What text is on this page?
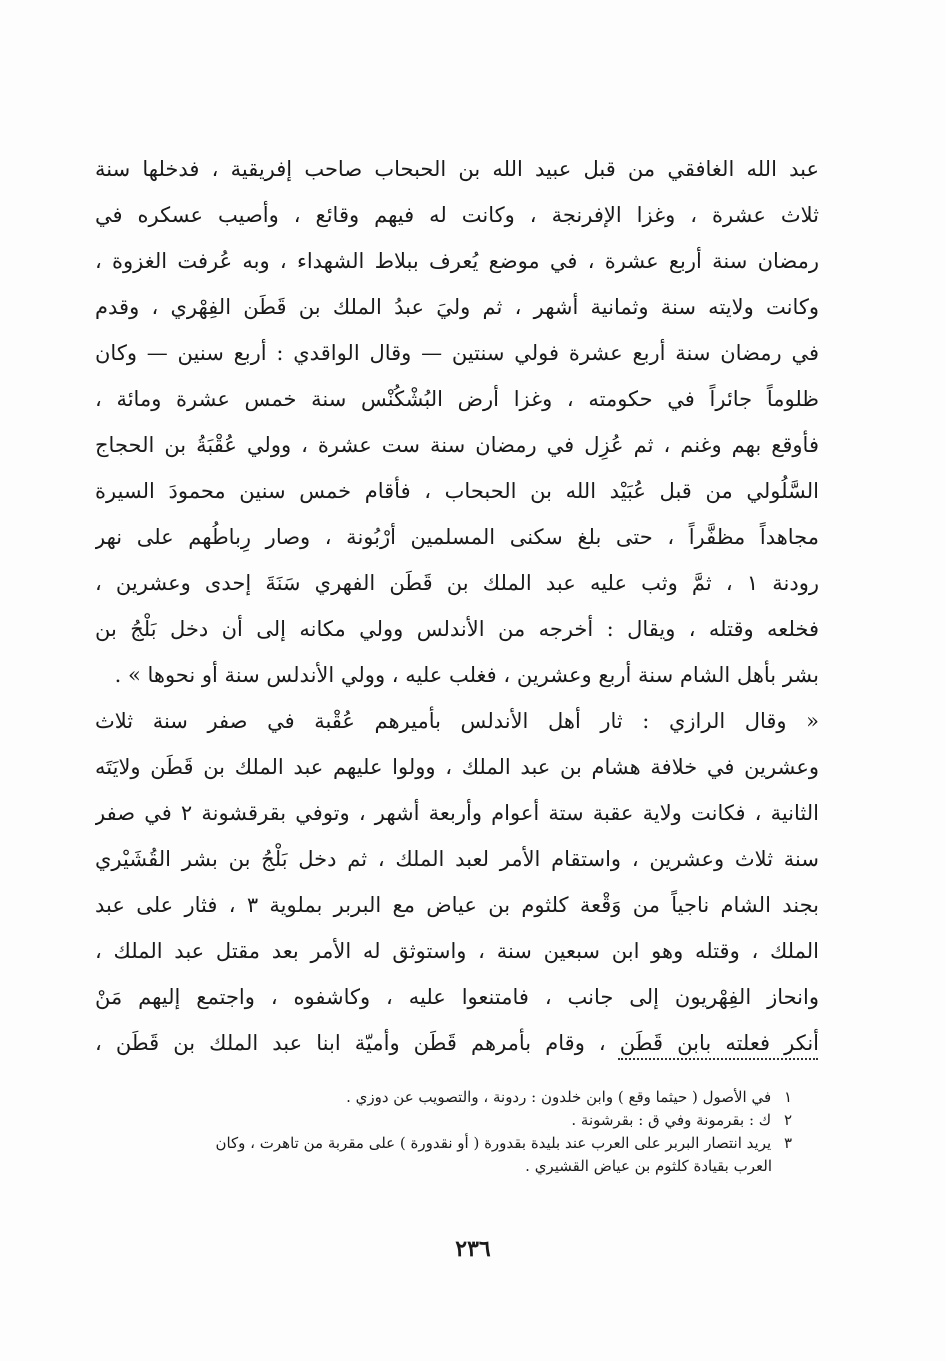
عبد الله الغافقي من قبل عبيد الله بن الحبحاب صاحب إفريقية ، فدخلها سنة
ثلاث عشرة ، وغزا الإفرنجة ، وكانت له فيهم وقائع ، وأصيب عسكره في
رمضان سنة أربع عشرة ، في موضع يُعرف ببلاط الشهداء ، وبه عُرفت الغزوة ،
وكانت ولايته سنة وثمانية أشهر ، ثم وليَ عبدُ الملك بن قَطَن الفِهْري ، وقدم
في رمضان سنة أربع عشرة فولي سنتين — وقال الواقدي : أربع سنين — وكان
ظلوماً جائراً في حكومته ، وغزا أرض البُشْكُنْس سنة خمس عشرة ومائة ،
فأوقع بهم وغنم ، ثم عُزِل في رمضان سنة ست عشرة ، وولي عُقْبَةُ بن الحجاج
السَّلُولي من قبل عُبَيْد الله بن الحبحاب ، فأقام خمس سنين محمودَ السيرة
مجاهداً مظفَّراً ، حتى بلغ سكنى المسلمين أرْبُونة ، وصار رِباطُهم على نهر
رودنة ١ ، ثمَّ وثب عليه عبد الملك بن قَطَن الفهري سَنَةَ إحدى وعشرين ،
فخلعه وقتله ، ويقال : أخرجه من الأندلس وولي مكانه إلى أن دخل بَلْجُ بن
بشر بأهل الشام سنة أربع وعشرين ، فغلب عليه ، وولي الأندلس سنة أو نحوها » .
« وقال الرازي : ثار أهل الأندلس بأميرهم عُقْبة في صفر سنة ثلاث
وعشرين في خلافة هشام بن عبد الملك ، وولوا عليهم عبد الملك بن قَطَن ولايَتَه
الثانية ، فكانت ولاية عقبة ستة أعوام وأربعة أشهر ، وتوفي بقرقشونة ٢ في صفر
سنة ثلاث وعشرين ، واستقام الأمر لعبد الملك ، ثم دخل بَلْجُ بن بشر القُشَيْري
بجند الشام ناجياً من وَقْعة كلثوم بن عياض مع البربر بملوية ٣ ، فثار على عبد
الملك ، وقتله وهو ابن سبعين سنة ، واستوثق له الأمر بعد مقتل عبد الملك ،
وانحاز الفِهْريون إلى جانب ، فامتنعوا عليه ، وكاشفوه ، واجتمع إليهم مَنْ
أنكر فعلته بابن قَطَن ، وقام بأمرهم قَطَن وأميّة ابنا عبد الملك بن قَطَن ،
١ في الأصول ( حيثما وقع ) وابن خلدون : ردونة ، والتصويب عن دوزي .
٢ ك : بقرمونة وفي ق : بقرشونة .
٣ يريد انتصار البربر على العرب عند بليدة بقدورة ( أو نقدورة ) على مقربة من تاهرت ، وكان
العرب بقيادة كلثوم بن عياض القشيري .
٢٣٦
